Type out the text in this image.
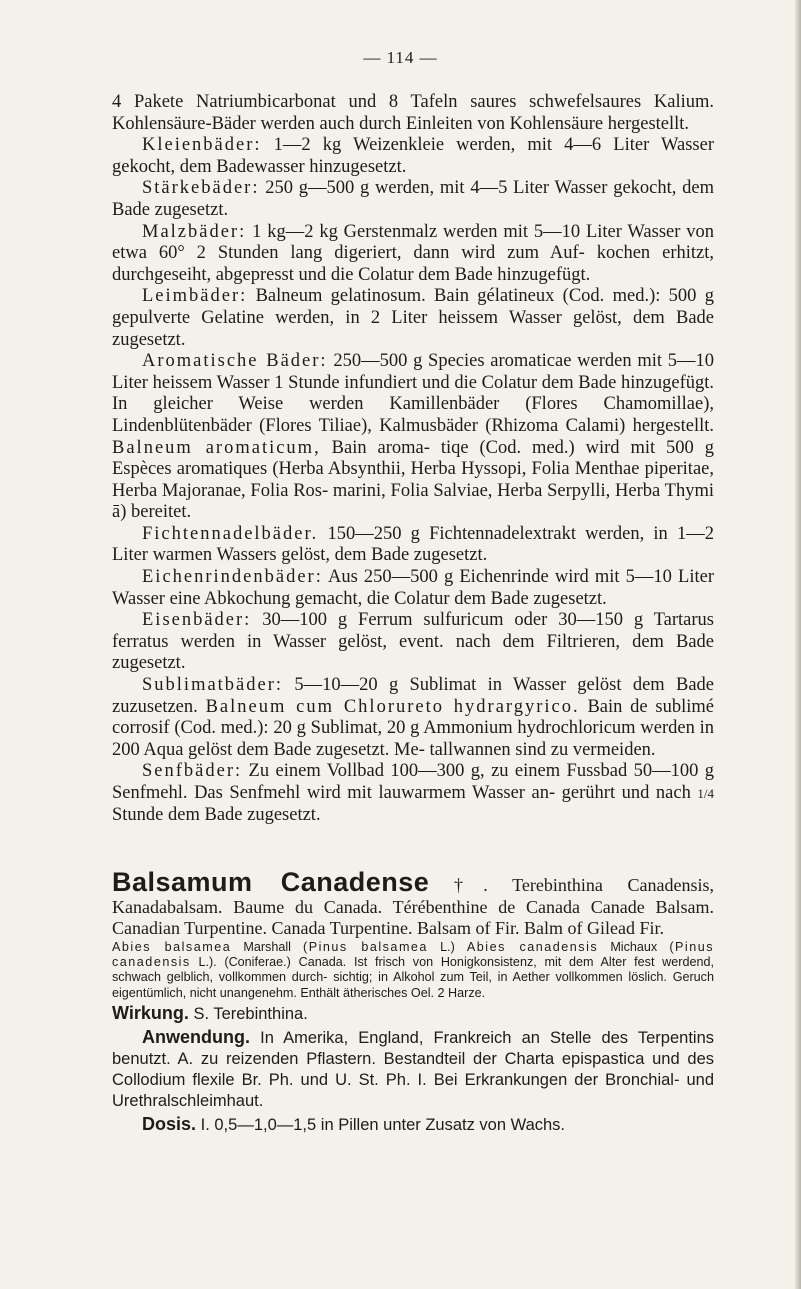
— 114 —

4 Pakete Natriumbicarbonat und 8 Tafeln saures schwefelsaures Kalium. Kohlensäure-Bäder werden auch durch Einleiten von Kohlensäure hergestellt.

Kleienbäder: 1—2 kg Weizenkleie werden, mit 4—6 Liter Wasser gekocht, dem Badewasser hinzugesetzt.

Stärkebäder: 250 g—500 g werden, mit 4—5 Liter Wasser gekocht, dem Bade zugesetzt.

Malzbäder: 1 kg—2 kg Gerstenmalz werden mit 5—10 Liter Wasser von etwa 60° 2 Stunden lang digeriert, dann wird zum Auf- kochen erhitzt, durchgeseiht, abgepresst und die Colatur dem Bade hinzugefügt.

Leimbäder: Balneum gelatinosum. Bain gélatineux (Cod. med.): 500 g gepulverte Gelatine werden, in 2 Liter heissem Wasser gelöst, dem Bade zugesetzt.

Aromatische Bäder: 250—500 g Species aromaticae werden mit 5—10 Liter heissem Wasser 1 Stunde infundiert und die Colatur dem Bade hinzugefügt. In gleicher Weise werden Kamillenbäder (Flores Chamomillae), Lindenblütenbäder (Flores Tiliae), Kalmusbäder (Rhizoma Calami) hergestellt. Balneum aromaticum, Bain aroma- tiqe (Cod. med.) wird mit 500 g Espèces aromatiques (Herba Absynthii, Herba Hyssopi, Folia Menthae piperitae, Herba Majoranae, Folia Ros- marini, Folia Salviae, Herba Serpylli, Herba Thymi ā) bereitet.

Fichtennadelbäder. 150—250 g Fichtennadelextrakt werden, in 1—2 Liter warmen Wassers gelöst, dem Bade zugesetzt.

Eichenrindenbäder: Aus 250—500 g Eichenrinde wird mit 5—10 Liter Wasser eine Abkochung gemacht, die Colatur dem Bade zugesetzt.

Eisenbäder: 30—100 g Ferrum sulfuricum oder 30—150 g Tartarus ferratus werden in Wasser gelöst, event. nach dem Filtrieren, dem Bade zugesetzt.

Sublimatbäder: 5—10—20 g Sublimat in Wasser gelöst dem Bade zuzusetzen. Balneum cum Chlorureto hydrargyrico. Bain de sublimé corrosif (Cod. med.): 20 g Sublimat, 20 g Ammonium hydrochloricum werden in 200 Aqua gelöst dem Bade zugesetzt. Me- tallwannen sind zu vermeiden.

Senfbäder: Zu einem Vollbad 100—300 g, zu einem Fussbad 50—100 g Senfmehl. Das Senfmehl wird mit lauwarmem Wasser an- gerührt und nach 1/4 Stunde dem Bade zugesetzt.

Balsamum Canadense †. Terebinthina Canadensis, Kanadabalsam. Baume du Canada. Térébenthine de Canada Canade Balsam. Canadian Turpentine. Canada Turpentine. Balsam of Fir. Balm of Gilead Fir.

Abies balsamea Marshall (Pinus balsamea L.) Abies canadensis Michaux (Pinus canadensis L.). (Coniferae.) Canada. Ist frisch von Honigkonsistenz, mit dem Alter fest werdend, schwach gelblich, vollkommen durch- sichtig; in Alkohol zum Teil, in Aether vollkommen löslich. Geruch eigentümlich, nicht unangenehm. Enthält ätherisches Oel. 2 Harze.

Wirkung. S. Terebinthina.

Anwendung. In Amerika, England, Frankreich an Stelle des Terpentins benutzt. A. zu reizenden Pflastern. Bestandteil der Charta epispastica und des Collodium flexile Br. Ph. und U. St. Ph. I. Bei Erkrankungen der Bronchial- und Urethralschleimhaut.

Dosis. I. 0,5—1,0—1,5 in Pillen unter Zusatz von Wachs.
